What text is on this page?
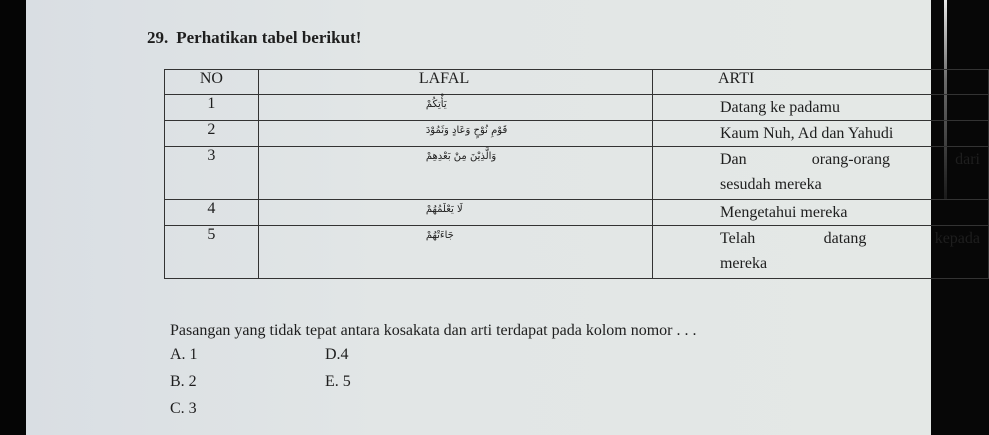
29. Perhatikan tabel berikut!
NO	LAFAL	ARTI
1	يَأْتِكُمْ	Datang ke padamu
2	قَوْمِ نُوْحٍ وَعَادٍ وَثَمُوْدَ	Kaum Nuh, Ad dan Yahudi
3	وَالَّذِيْنَ مِنْ بَعْدِهِمْ	Dan orang-orang dari
sesudah mereka
4	لَا يَعْلَمُهُمْ	Mengetahui mereka
5	جَاءَتْهُمْ	Telah datang kepada
mereka
Pasangan yang tidak tepat antara kosakata dan arti terdapat pada kolom nomor . . .
A. 1
B. 2
C. 3
D.4
E. 5
